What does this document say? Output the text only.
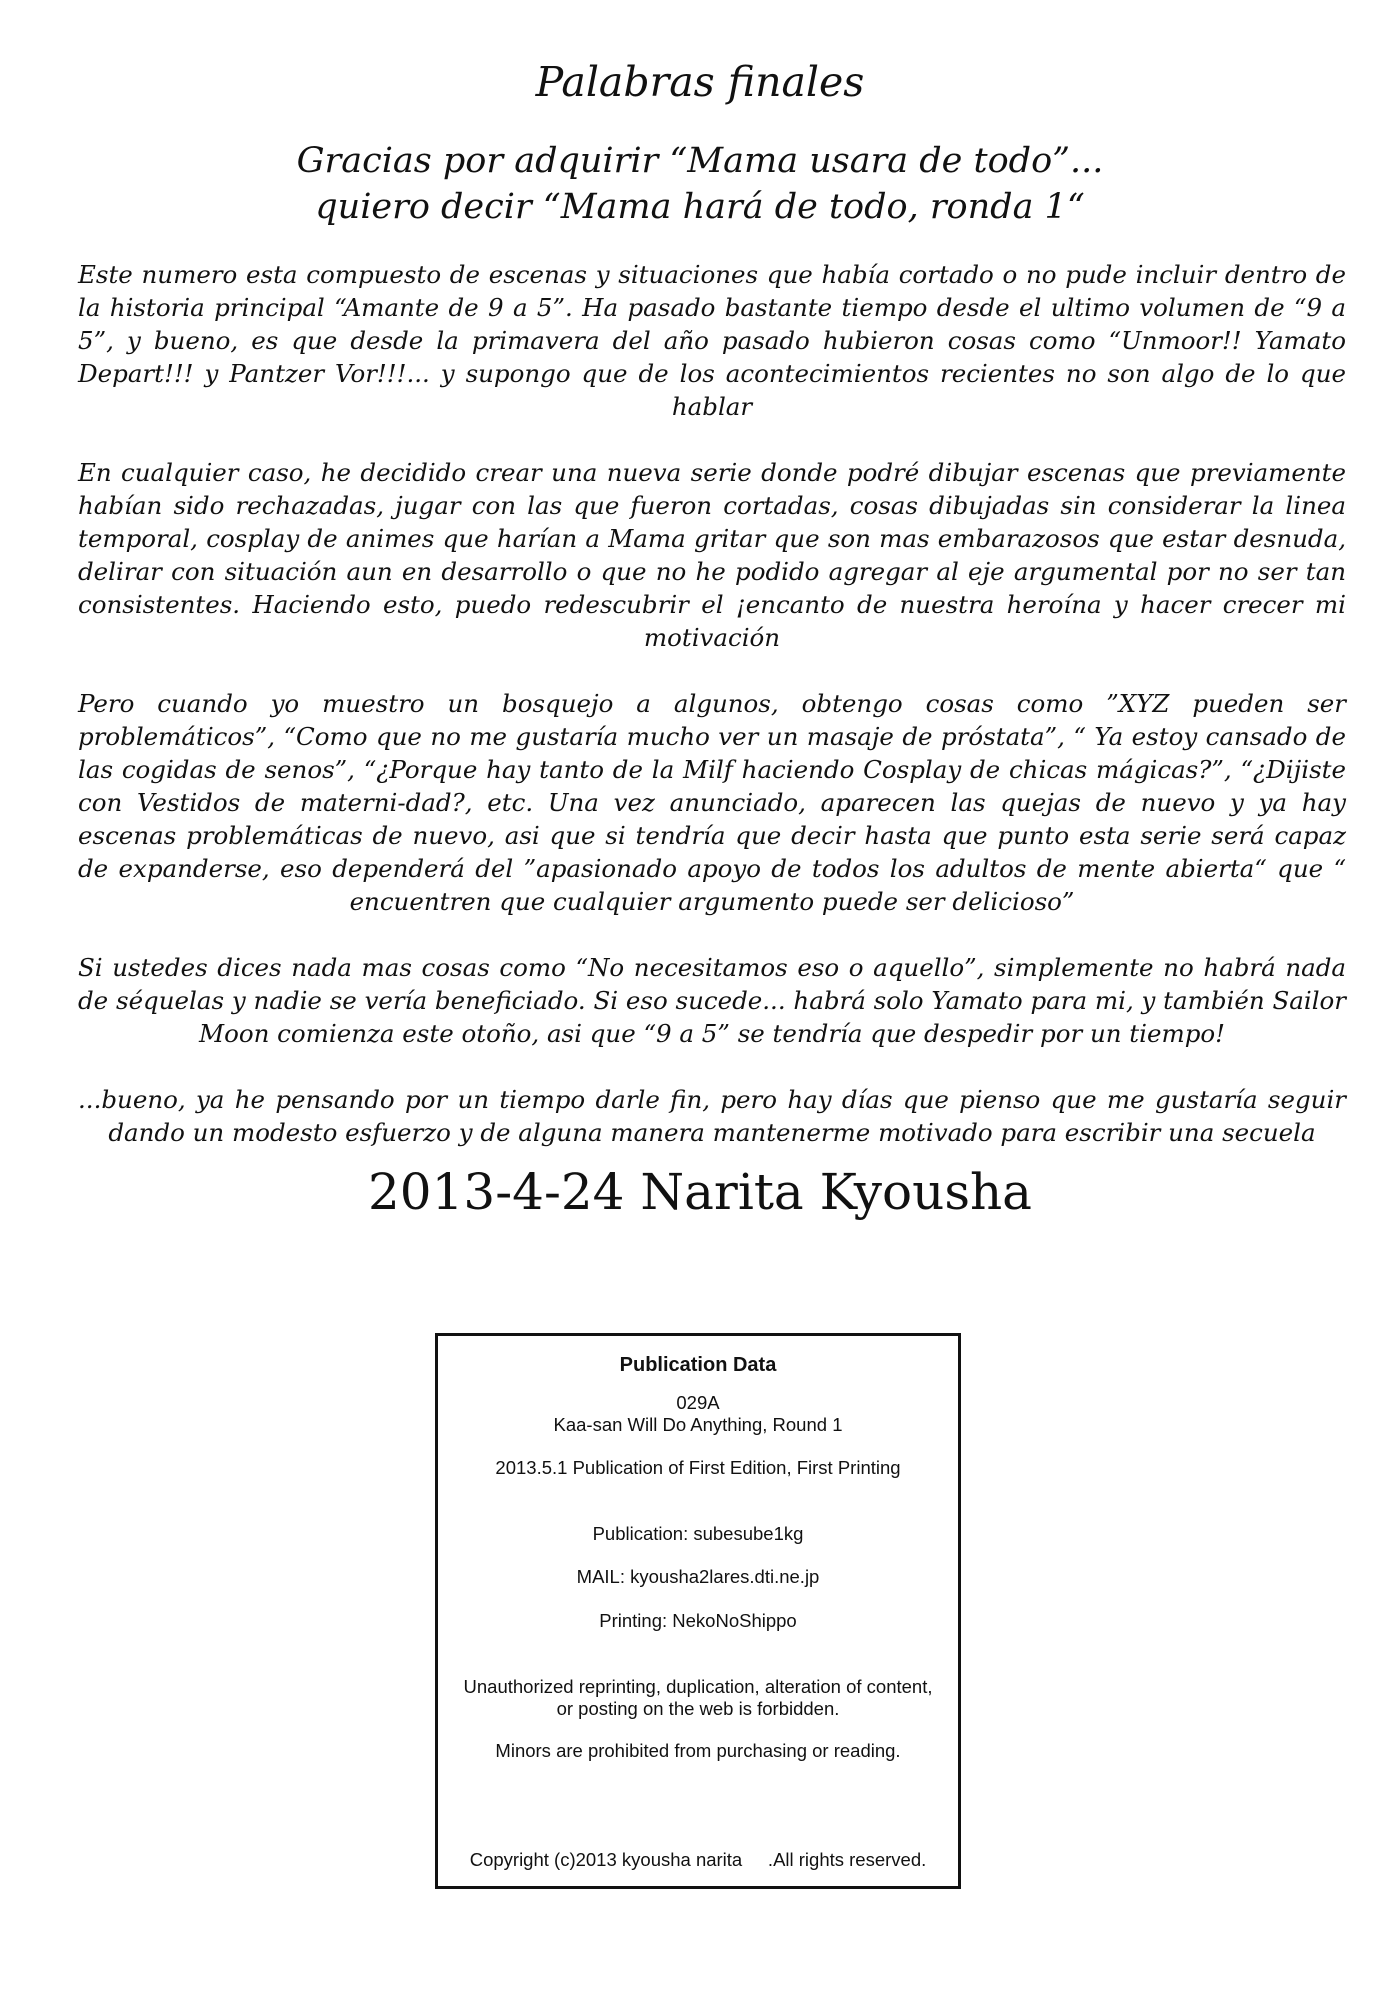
Palabras finales
Gracias por adquirir “Mama usara de todo”...
quiero decir “Mama hará de todo, ronda 1“

Este numero esta compuesto de escenas y situaciones que había cortado o no pude incluir dentro de la historia principal “Amante de 9 a 5”. Ha pasado bastante tiempo desde el ultimo volumen de “9 a 5”, y bueno, es que desde la primavera del año pasado hubieron cosas como “Unmoor!! Yamato Depart!!! y Pantzer Vor!!!... y supongo que de los acontecimientos recientes no son algo de lo que hablar

En cualquier caso, he decidido crear una nueva serie donde podré dibujar escenas que previamente habían sido rechazadas, jugar con las que fueron cortadas, cosas dibujadas sin considerar la linea temporal, cosplay de animes que harían a Mama gritar que son mas embarazosos que estar desnuda, delirar con situación aun en desarrollo o que no he podido agregar al eje argumental por no ser tan consistentes. Haciendo esto, puedo redescubrir el ¡encanto de nuestra heroína y hacer crecer mi motivación

Pero cuando yo muestro un bosquejo a algunos, obtengo cosas como ”XYZ pueden ser problemáticos”, “Como que no me gustaría mucho ver un masaje de próstata”, “ Ya estoy cansado de las cogidas de senos”, “¿Porque hay tanto de la Milf haciendo Cosplay de chicas mágicas?”, “¿Dijiste con Vestidos de materni-dad?, etc. Una vez anunciado, aparecen las quejas de nuevo y ya hay escenas problemáticas de nuevo, asi que si tendría que decir hasta que punto esta serie será capaz de expanderse, eso dependerá del ”apasionado apoyo de todos los adultos de mente abierta“ que “ encuentren que cualquier argumento puede ser delicioso”

Si ustedes dices nada mas cosas como “No necesitamos eso o aquello”, simplemente no habrá nada de séquelas y nadie se vería beneficiado. Si eso sucede... habrá solo Yamato para mi, y también Sailor Moon comienza este otoño, asi que “9 a 5” se tendría que despedir por un tiempo!

...bueno, ya he pensando por un tiempo darle fin, pero hay días que pienso que me gustaría seguir dando un modesto esfuerzo y de alguna manera mantenerme motivado para escribir una secuela

2013-4-24 Narita Kyousha
Publication Data
029A
Kaa-san Will Do Anything, Round 1
2013.5.1 Publication of First Edition, First Printing
Publication: subesube1kg
MAIL: kyousha2lares.dti.ne.jp
Printing: NekoNoShippo
Unauthorized reprinting, duplication, alteration of content,
or posting on the web is forbidden.
Minors are prohibited from purchasing or reading.
Copyright (c)2013 kyousha narita     .All rights reserved.
